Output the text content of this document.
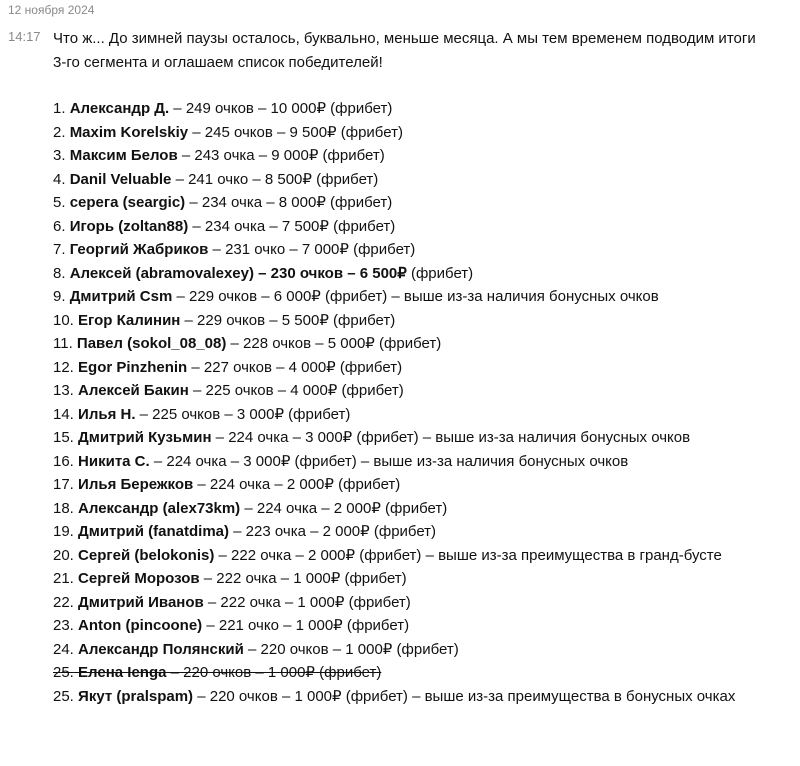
12 ноября 2024
14:17 Что ж... До зимней паузы осталось, буквально, меньше месяца. А мы тем временем подводим итоги 3-го сегмента и оглашаем список победителей!

1. Александр Д. – 249 очков – 10 000₽ (фрибет)
2. Maxim Korelskiy – 245 очков – 9 500₽ (фрибет)
3. Максим Белов – 243 очка – 9 000₽ (фрибет)
4. Danil Veluable – 241 очко – 8 500₽ (фрибет)
5. серега (seargic) – 234 очка – 8 000₽ (фрибет)
6. Игорь (zoltan88) – 234 очка – 7 500₽ (фрибет)
7. Георгий Жабриков – 231 очко – 7 000₽ (фрибет)
8. Алексей (abramovalexey) – 230 очков – 6 500₽ (фрибет)
9. Дмитрий Csm – 229 очков – 6 000₽ (фрибет) – выше из-за наличия бонусных очков
10. Егор Калинин – 229 очков – 5 500₽ (фрибет)
11. Павел (sokol_08_08) – 228 очков – 5 000₽ (фрибет)
12. Egor Pinzhenin – 227 очков – 4 000₽ (фрибет)
13. Алексей Бакин – 225 очков – 4 000₽ (фрибет)
14. Илья Н. – 225 очков – 3 000₽ (фрибет)
15. Дмитрий Кузьмин – 224 очка – 3 000₽ (фрибет) – выше из-за наличия бонусных очков
16. Никита С. – 224 очка – 3 000₽ (фрибет) – выше из-за наличия бонусных очков
17. Илья Бережков – 224 очка – 2 000₽ (фрибет)
18. Александр (alex73km) – 224 очка – 2 000₽ (фрибет)
19. Дмитрий (fanatdima) – 223 очка – 2 000₽ (фрибет)
20. Сергей (belokonis) – 222 очка – 2 000₽ (фрибет) – выше из-за преимущества в гранд-бусте
21. Сергей Морозов – 222 очка – 1 000₽ (фрибет)
22. Дмитрий Иванов – 222 очка – 1 000₽ (фрибет)
23. Anton (pincoone) – 221 очко – 1 000₽ (фрибет)
24. Александр Полянский – 220 очков – 1 000₽ (фрибет)
25. Елена Ienga – 220 очков – 1 000₽ (фрибет)
25. Якут (pralspam) – 220 очков – 1 000₽ (фрибет) – выше из-за преимущества в бонусных очках
